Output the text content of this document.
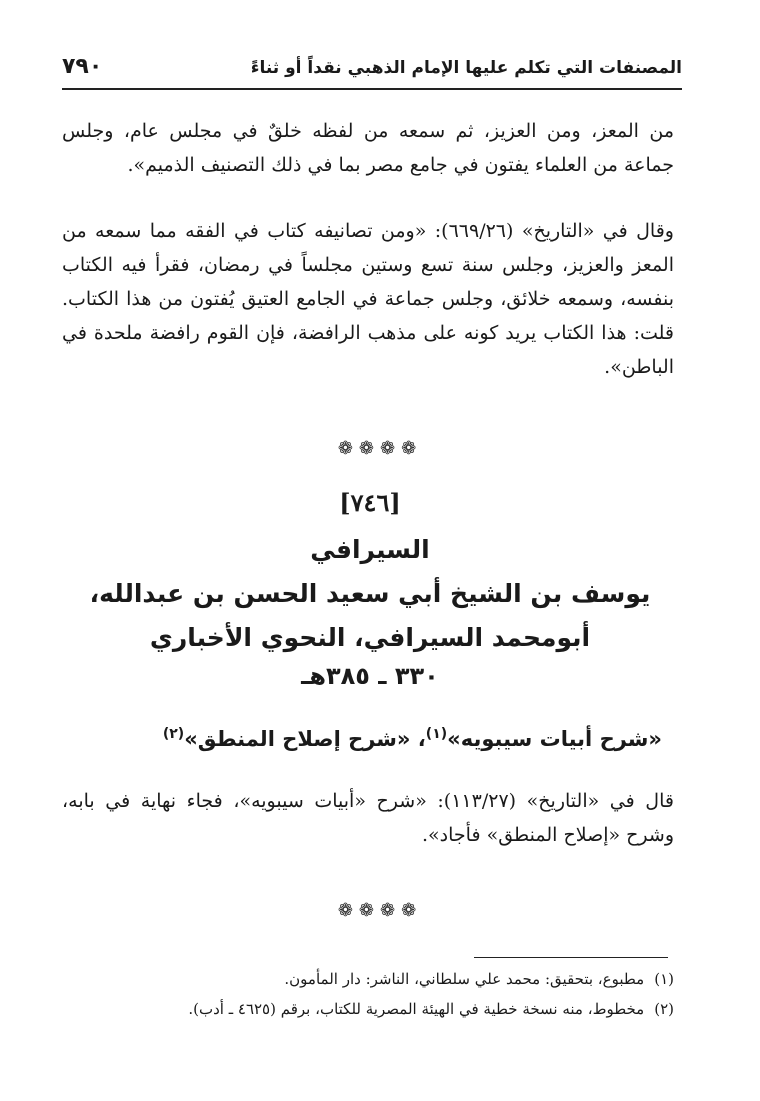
المصنفات التي تكلم عليها الإمام الذهبي نقداً أو ثناءً
٧٩٠
من المعز، ومن العزيز، ثم سمعه من لفظه خلقٌ في مجلس عام، وجلس جماعة من العلماء يفتون في جامع مصر بما في ذلك التصنيف الذميم».
وقال في «التاريخ» (٦٦٩/٢٦): «ومن تصانيفه كتاب في الفقه مما سمعه من المعز والعزيز، وجلس سنة تسع وستين مجلساً في رمضان، فقرأ فيه الكتاب بنفسه، وسمعه خلائق، وجلس جماعة في الجامع العتيق يُفتون من هذا الكتاب. قلت: هذا الكتاب يريد كونه على مذهب الرافضة، فإن القوم رافضة ملحدة في الباطن».
❁❁❁❁
[٧٤٦]
السيرافي
يوسف بن الشيخ أبي سعيد الحسن بن عبدالله، أبومحمد السيرافي، النحوي الأخباري
٣٣٠ ـ ٣٨٥هـ
«شرح أبيات سيبويه»$^{(١)}$، «شرح إصلاح المنطق»$^{(٢)}$
قال في «التاريخ» (١١٣/٢٧): «شرح «أبيات سيبويه»، فجاء نهاية في بابه، وشرح «إصلاح المنطق» فأجاد».
❁❁❁❁
(١)مطبوع، بتحقيق: محمد علي سلطاني، الناشر: دار المأمون.
(٢)مخطوط، منه نسخة خطية في الهيئة المصرية للكتاب، برقم (٤٦٢٥ ـ أدب).
